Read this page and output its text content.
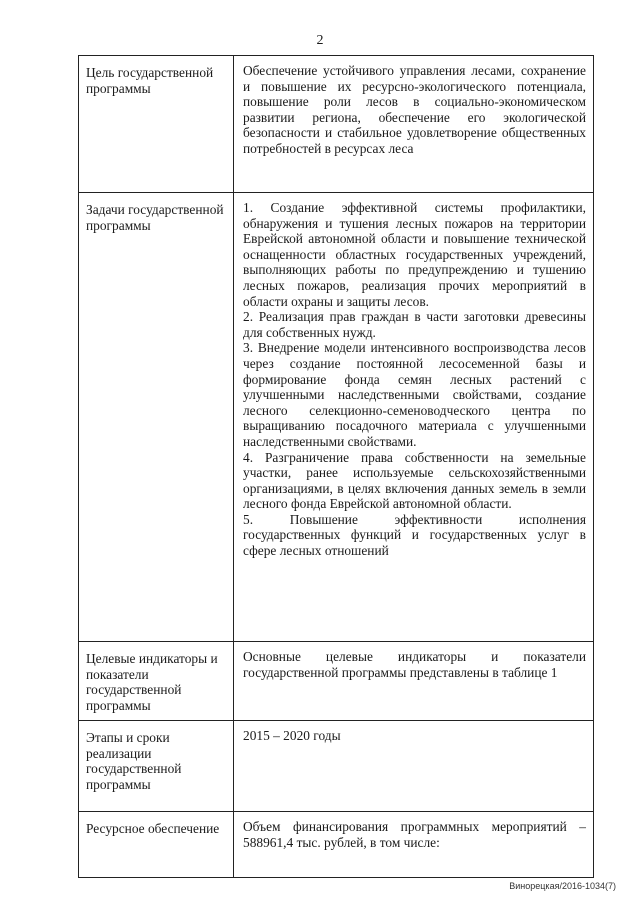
2
Цель государственной программы	Обеспечение устойчивого управления лесами, сохранение и повышение их ресурсно-экологического потенциала, повышение роли лесов в социально-экономическом развитии региона, обеспечение его экологической безопасности и стабильное удовлетворение общественных потребностей в ресурсах леса

Задачи государственной программы	1. Создание эффективной системы профилактики, обнаружения и тушения лесных пожаров на территории Еврейской автономной области и повышение технической оснащенности областных государственных учреждений, выполняющих работы по предупреждению и тушению лесных пожаров, реализация прочих мероприятий в области охраны и защиты лесов.

2. Реализация прав граждан в части заготовки древесины для собственных нужд.

3. Внедрение модели интенсивного воспроизводства лесов через создание постоянной лесосеменной базы и формирование фонда семян лесных растений с улучшенными наследственными свойствами, создание лесного селекционно-семеноводческого центра по выращиванию посадочного материала с улучшенными наследственными свойствами.

4. Разграничение права собственности на земельные участки, ранее используемые сельскохозяйственными организациями, в целях включения данных земель в земли лесного фонда Еврейской автономной области.

5. Повышение эффективности исполнения государственных функций и государственных услуг в сфере лесных отношений

Целевые индикаторы и показатели государственной программы	Основные целевые индикаторы и показатели государственной программы представлены в таблице 1

Этапы и сроки реализации государственной программы	2015 – 2020 годы

Ресурсное обеспечение	Объем финансирования программных мероприятий – 588961,4 тыс. рублей, в том числе:

Винорецкая/2016-1034(7)
